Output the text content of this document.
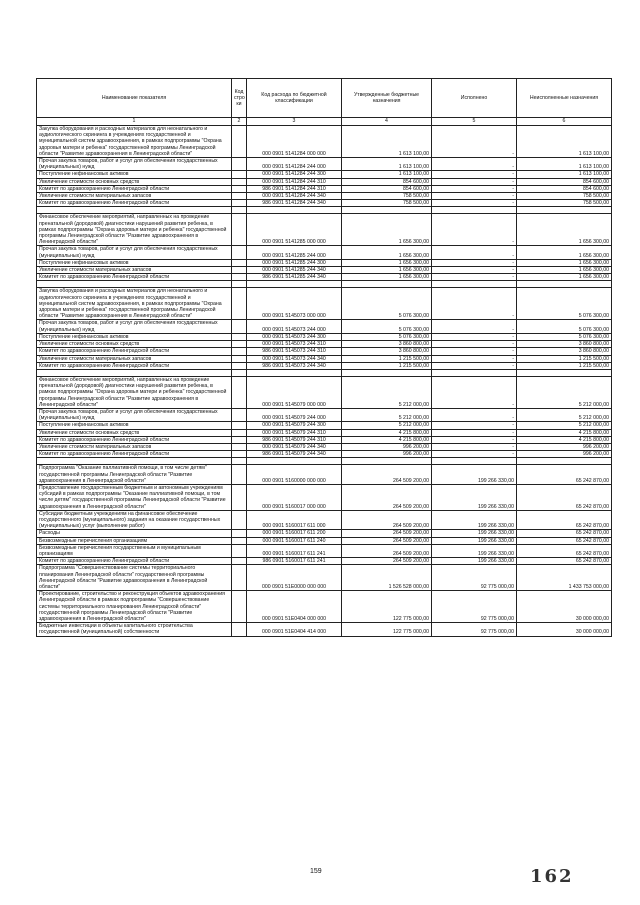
Наименование показателя	Код стро ки	Код расхода по бюджетной классификации	Утвержденные бюджетные назначения	Исполнено	Неисполненные назначения
1	2	3	4	5	6
Закупка оборудования и расходных материалов для неонатального и аудиологического скрининга в учреждениях государственной и муниципальной систем здравоохранения, в рамках подпрограммы "Охрана здоровья матери и ребенка" государственной программы Ленинградской области "Развитие здравоохранения в Ленинградской области"		000 0901 5141284 000 000	1 613 100,00	-	1 613 100,00
Прочая закупка товаров, работ и услуг для обеспечения государственных (муниципальных) нужд		000 0901 5141284 244 000	1 613 100,00	-	1 613 100,00
Поступление нефинансовых активов		000 0901 5141284 244 300	1 613 100,00	-	1 613 100,00
Увеличение стоимости основных средств		000 0901 5141284 244 310	854 600,00	-	854 600,00
Комитет по здравоохранению Ленинградской области		986 0901 5141284 244 310	854 600,00	-	854 600,00
Увеличение стоимости материальных запасов		000 0901 5141284 244 340	758 500,00	-	758 500,00
Комитет по здравоохранению Ленинградской области		986 0901 5141284 244 340	758 500,00	-	758 500,00

Финансовое обеспечение мероприятий, направленных на проведение пренатальной (дородовой) диагностики нарушений развития ребенка, в рамках подпрограммы "Охрана здоровья матери и ребенка" государственной программы Ленинградской области "Развитие здравоохранения в Ленинградской области"		000 0901 5141285 000 000	1 656 300,00	-	1 656 300,00
Прочая закупка товаров, работ и услуг для обеспечения государственных (муниципальных) нужд		000 0901 5141285 244 000	1 656 300,00	-	1 656 300,00
Поступление нефинансовых активов		000 0901 5141285 244 300	1 656 300,00	-	1 656 300,00
Увеличение стоимости материальных запасов		000 0901 5141285 244 340	1 656 300,00	-	1 656 300,00
Комитет по здравоохранению Ленинградской области		986 0901 5141285 244 340	1 656 300,00	-	1 656 300,00

Закупка оборудования и расходных материалов для неонатального и аудиологического скрининга в учреждениях государственной и муниципальной систем здравоохранения, в рамках подпрограммы "Охрана здоровья матери и ребенка" государственной программы Ленинградской области "Развитие здравоохранения в Ленинградской области"		000 0901 5145073 000 000	5 076 300,00	-	5 076 300,00
Прочая закупка товаров, работ и услуг для обеспечения государственных (муниципальных) нужд		000 0901 5145073 244 000	5 076 300,00	-	5 076 300,00
Поступление нефинансовых активов		000 0901 5145073 244 300	5 076 300,00	-	5 076 300,00
Увеличение стоимости основных средств		000 0901 5145073 244 310	3 860 800,00	-	3 860 800,00
Комитет по здравоохранению Ленинградской области		986 0901 5145073 244 310	3 860 800,00	-	3 860 800,00
Увеличение стоимости материальных запасов		000 0901 5145073 244 340	1 215 500,00	-	1 215 500,00
Комитет по здравоохранению Ленинградской области		986 0901 5145073 244 340	1 215 500,00	-	1 215 500,00

Финансовое обеспечение мероприятий, направленных на проведение пренатальной (дородовой) диагностики нарушений развития ребенка, в рамках подпрограммы "Охрана здоровья матери и ребенка" государственной программы Ленинградской области "Развитие здравоохранения в Ленинградской области"		000 0901 5145079 000 000	5 212 000,00	-	5 212 000,00
Прочая закупка товаров, работ и услуг для обеспечения государственных (муниципальных) нужд		000 0901 5145079 244 000	5 212 000,00	-	5 212 000,00
Поступление нефинансовых активов		000 0901 5145079 244 300	5 212 000,00	-	5 212 000,00
Увеличение стоимости основных средств		000 0901 5145079 244 310	4 215 800,00	-	4 215 800,00
Комитет по здравоохранению Ленинградской области		986 0901 5145079 244 310	4 215 800,00	-	4 215 800,00
Увеличение стоимости материальных запасов		000 0901 5145079 244 340	996 200,00	-	996 200,00
Комитет по здравоохранению Ленинградской области		986 0901 5145079 244 340	996 200,00	-	996 200,00

Подпрограмма "Оказание паллиативной помощи, в том числе детям" государственной программы Ленинградской области "Развитие здравоохранения в Ленинградской области"		000 0901 5160000 000 000	264 509 200,00	199 266 330,00	65 242 870,00
Предоставление государственным бюджетным и автономным учреждениям субсидий в рамках подпрограммы "Оказание паллиативной помощи, в том числе детям" государственной программы Ленинградской области "Развитие здравоохранения в Ленинградской области"		000 0901 5160017 000 000	264 509 200,00	199 266 330,00	65 242 870,00
Субсидии бюджетным учреждениям на финансовое обеспечение государственного (муниципального) задания на оказание государственных (муниципальных) услуг (выполнение работ)		000 0901 5160017 611 000	264 509 200,00	199 266 330,00	65 242 870,00
Расходы		000 0901 5160017 611 200	264 509 200,00	199 266 330,00	65 242 870,00
Безвозмездные перечисления организациям		000 0901 5160017 611 240	264 509 200,00	199 266 330,00	65 242 870,00
Безвозмездные перечисления государственным и муниципальным организациям		000 0901 5160017 611 241	264 509 200,00	199 266 330,00	65 242 870,00
Комитет по здравоохранению Ленинградской области		986 0901 5160017 611 241	264 509 200,00	199 266 330,00	65 242 870,00
Подпрограмма "Совершенствование системы территориального планирования Ленинградской области" государственной программы Ленинградской области "Развитие здравоохранения в Ленинградской области"		000 0901 51E0000 000 000	1 526 528 000,00	92 775 000,00	1 433 753 000,00
Проектирование, строительство и реконструкция объектов здравоохранения Ленинградской области в рамках подпрограммы "Совершенствование системы территориального планирования Ленинградской области" государственной программы Ленинградской области "Развитие здравоохранения в Ленинградской области"		000 0901 51E0404 000 000	122 775 000,00	92 775 000,00	30 000 000,00
Бюджетные инвестиции в объекты капитального строительства государственной (муниципальной) собственности		000 0901 51E0404 414 000	122 775 000,00	92 775 000,00	30 000 000,00
159	162
